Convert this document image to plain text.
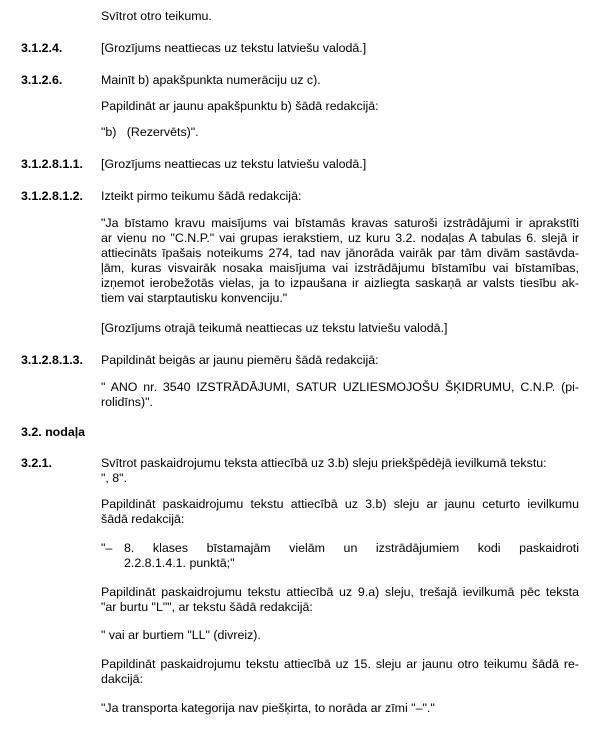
Svītrot otro teikumu.
3.1.2.4.	[Grozījums neattiecas uz tekstu latviešu valodā.]
3.1.2.6.	Mainīt b) apakšpunkta numerāciju uz c).
Papildināt ar jaunu apakšpunktu b) šādā redakcijā:
"b)   (Rezervēts)".
3.1.2.8.1.1. [Grozījums neattiecas uz tekstu latviešu valodā.]
3.1.2.8.1.2. Izteikt pirmo teikumu šādā redakcijā:
"Ja bīstamo kravu maisījums vai bīstamās kravas saturoši izstrādājumi ir aprakstīti
ar vienu no "C.N.P." vai grupas ierakstiem, uz kuru 3.2. nodaļas A tabulas 6. slejā ir
attiecināts īpašais noteikums 274, tad nav jānorāda vairāk par tām divām sastāvda-
ļām, kuras visvairāk nosaka maisījuma vai izstrādājumu bīstamību vai bīstamības,
izņemot ierobežotās vielas, ja to izpaušana ir aizliegta saskaņā ar valsts tiesību ak-
tiem vai starptautisku konvenciju."
[Grozījums otrajā teikumā neattiecas uz tekstu latviešu valodā.]
3.1.2.8.1.3. Papildināt beigās ar jaunu piemēru šādā redakcijā:
" ANO nr. 3540 IZSTRĀDĀJUMI, SATUR UZLIESMOJOŠU ŠĶIDRUMU, C.N.P. (pi-
rolidīns)".
3.2. nodaļa
3.2.1.	Svītrot paskaidrojumu teksta attiecībā uz 3.b) sleju priekšpēdējā ievilkumā tekstu:
", 8".
Papildināt paskaidrojumu tekstu attiecībā uz 3.b) sleju ar jaunu ceturto ievilkumu
šādā redakcijā:
"– 8. klases bīstamajām vielām un izstrādājumiem kodi paskaidroti
2.2.8.1.4.1. punktā;"
Papildināt paskaidrojumu tekstu attiecībā uz 9.a) sleju, trešajā ievilkumā pēc teksta
"ar burtu "L"", ar tekstu šādā redakcijā:
" vai ar burtiem "LL" (divreiz).
Papildināt paskaidrojumu tekstu attiecībā uz 15. sleju ar jaunu otro teikumu šādā re-
dakcijā:
"Ja transporta kategorija nav piešķirta, to norāda ar zīmi "–"."
